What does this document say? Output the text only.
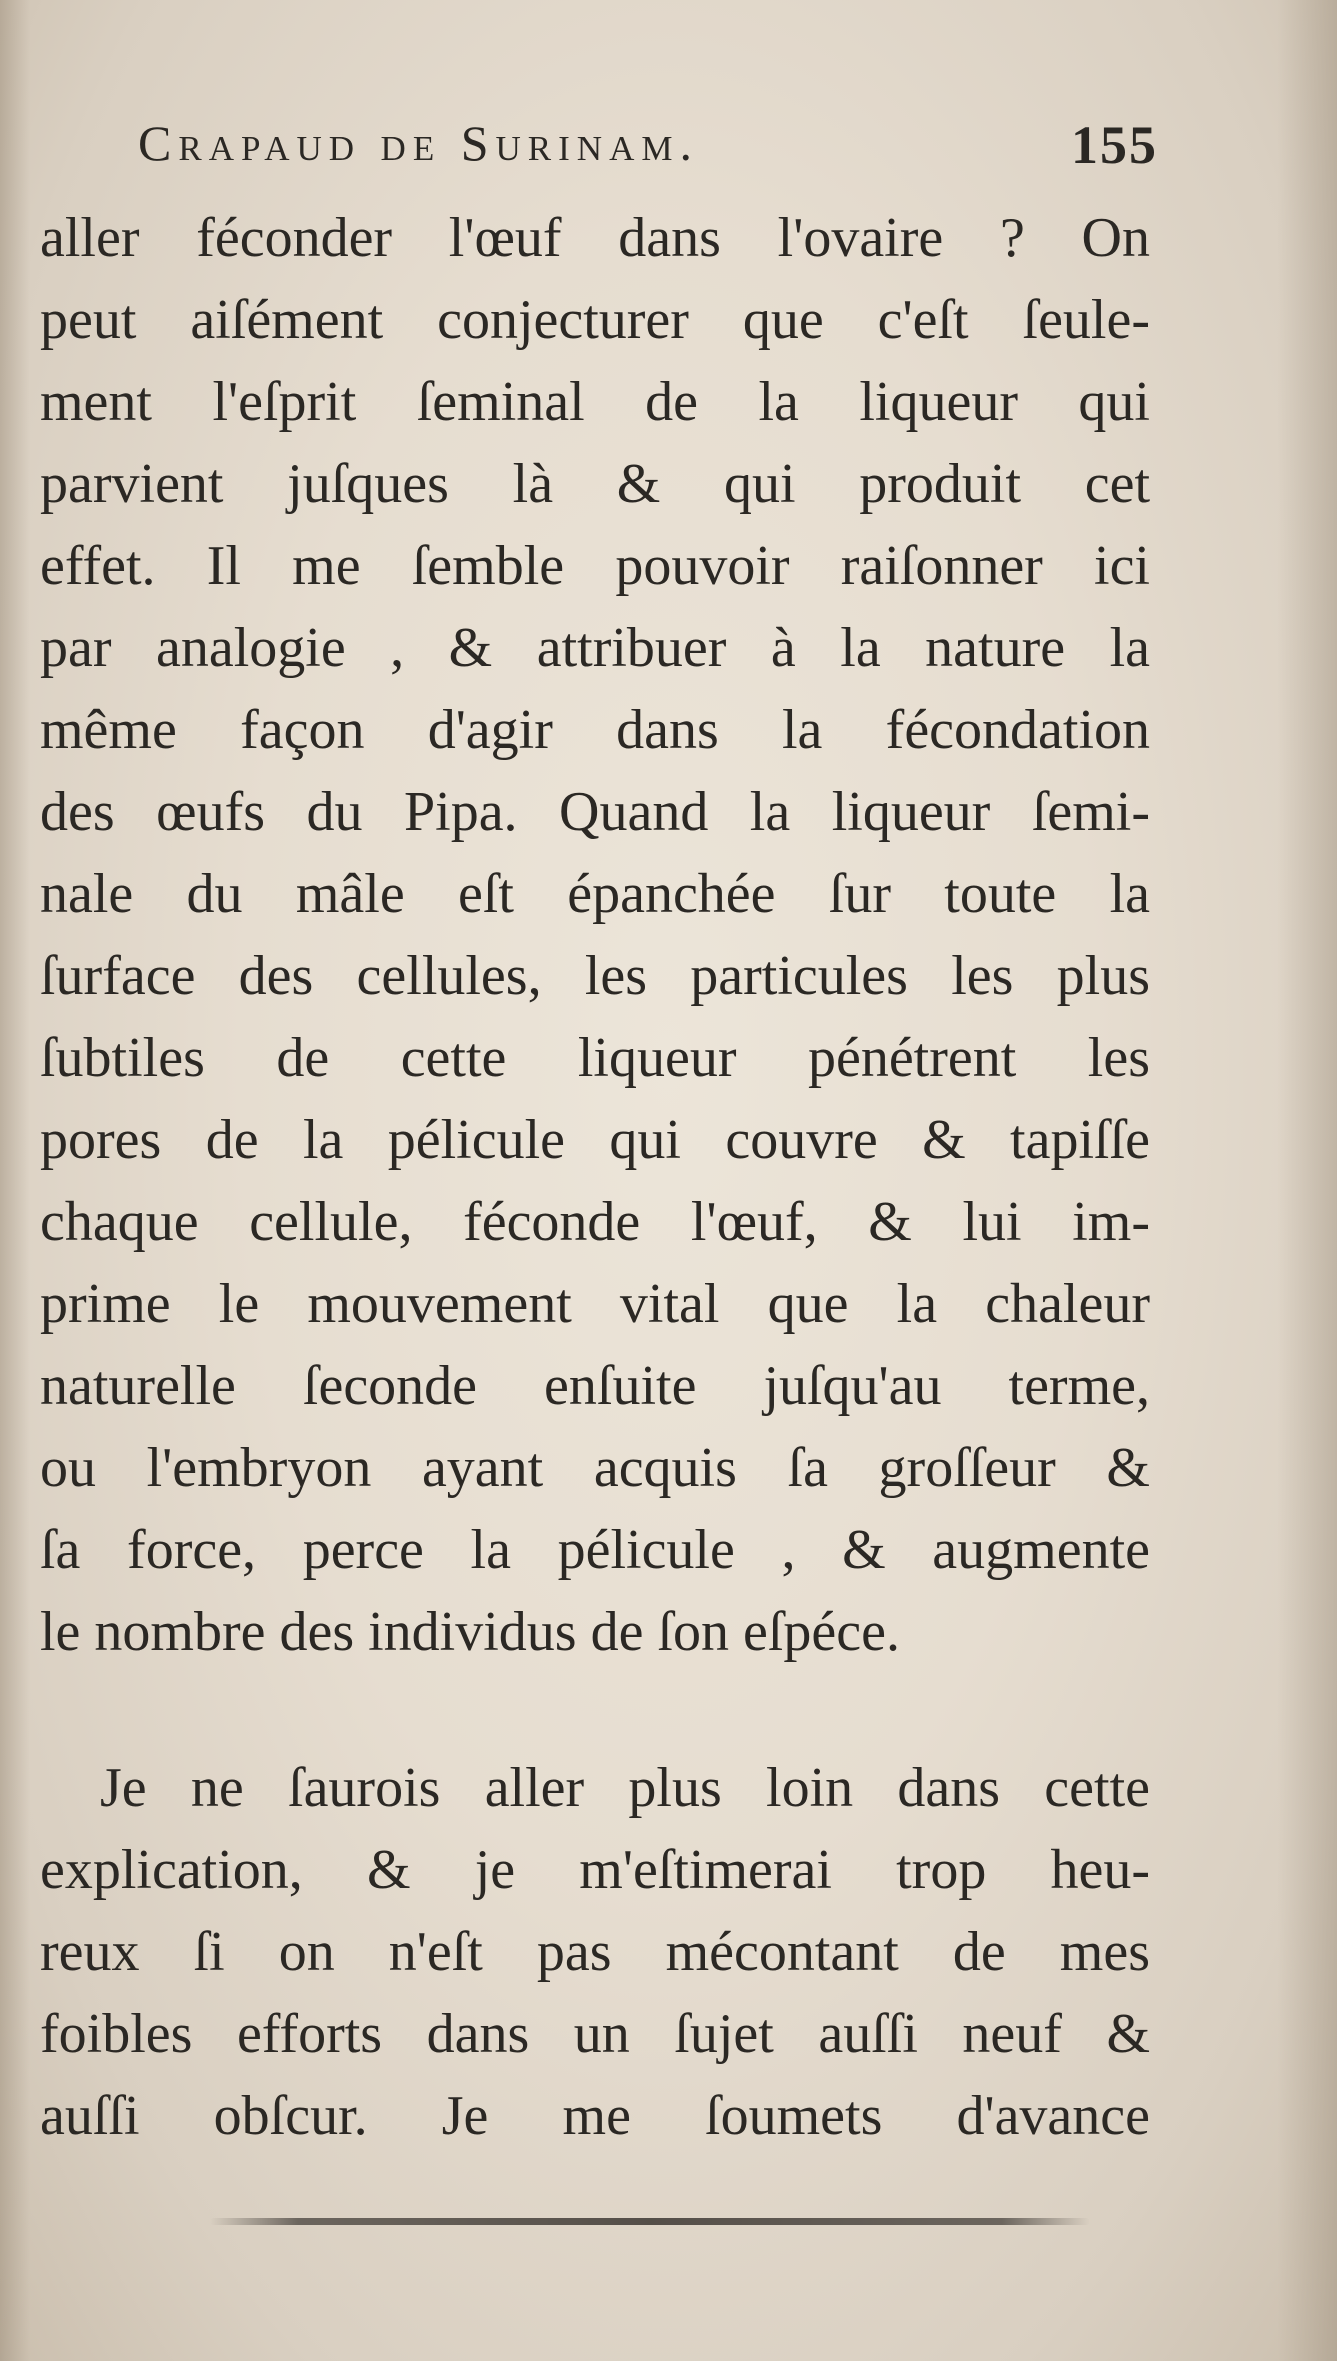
Crapaud de Surinam.	155
aller féconder l'œuf dans l'ovaire ? On
peut aiſément conjecturer que c'eſt ſeule-
ment l'eſprit ſeminal de la liqueur qui
parvient juſques là & qui produit cet
effet. Il me ſemble pouvoir raiſonner ici
par analogie , & attribuer à la nature la
même façon d'agir dans la fécondation
des œufs du Pipa. Quand la liqueur ſemi-
nale du mâle eſt épanchée ſur toute la
ſurface des cellules, les particules les plus
ſubtiles de cette liqueur pénétrent les
pores de la pélicule qui couvre & tapiſſe
chaque cellule, féconde l'œuf, & lui im-
prime le mouvement vital que la chaleur
naturelle ſeconde enſuite juſqu'au terme,
ou l'embryon ayant acquis ſa groſſeur &
ſa force, perce la pélicule , & augmente
le nombre des individus de ſon eſpéce.
Je ne ſaurois aller plus loin dans cette
explication, & je m'eſtimerai trop heu-
reux ſi on n'eſt pas mécontant de mes
foibles efforts dans un ſujet auſſi neuf &
auſſi obſcur. Je me ſoumets d'avance
